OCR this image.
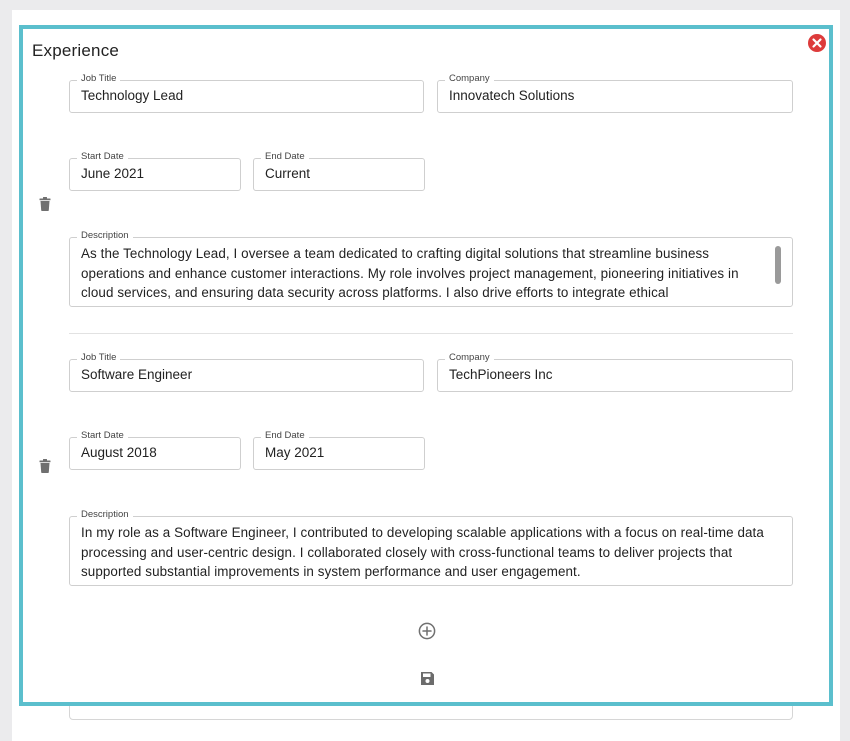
Experience
Job Title
Technology Lead
Company
Innovatech Solutions
Start Date
June 2021
End Date
Current
Description
As the Technology Lead, I oversee a team dedicated to crafting digital solutions that streamline business operations and enhance customer interactions. My role involves project management, pioneering initiatives in cloud services, and ensuring data security across platforms. I also drive efforts to integrate ethical
Job Title
Software Engineer
Company
TechPioneers Inc
Start Date
August 2018
End Date
May 2021
Description
In my role as a Software Engineer, I contributed to developing scalable applications with a focus on real-time data processing and user-centric design. I collaborated closely with cross-functional teams to deliver projects that supported substantial improvements in system performance and user engagement.
